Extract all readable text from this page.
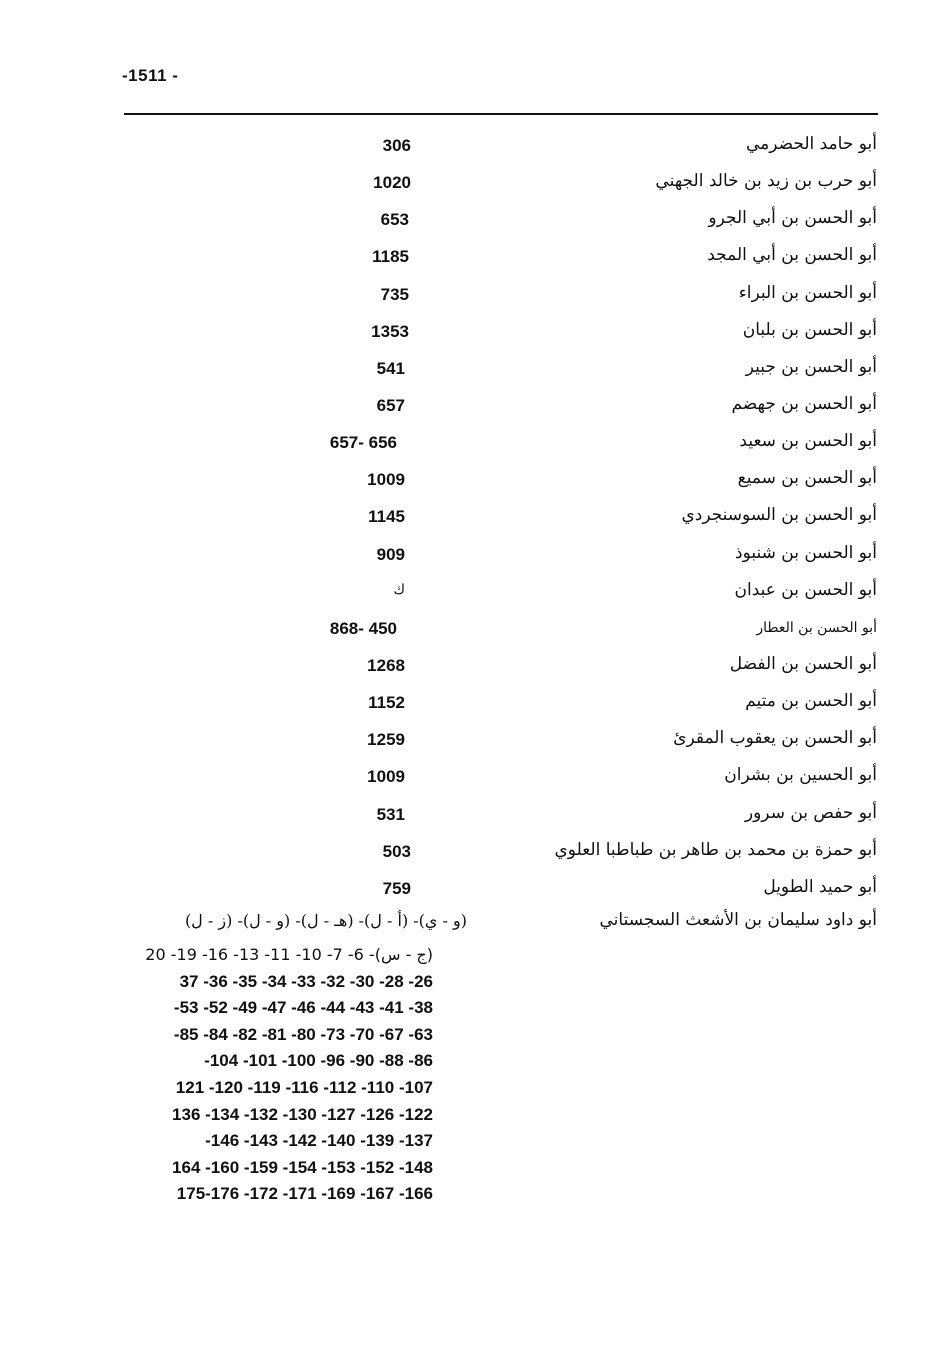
-1511 -
أبو حامد الحضرمي
306
أبو حرب بن زيد بن خالد الجهني
1020
أبو الحسن بن أبي الجرو
653
أبو الحسن بن أبي المجد
1185
أبو الحسن بن البراء
735
أبو الحسن بن بلبان
1353
أبو الحسن بن جبير
541
أبو الحسن بن جهضم
657
أبو الحسن بن سعيد
656 -657
أبو الحسن بن سميع
1009
أبو الحسن بن السوسنجردي
1145
أبو الحسن بن شنبوذ
909
أبو الحسن بن عبدان
ك
أبو الحسن بن العطار
450 -868
أبو الحسن بن الفضل
1268
أبو الحسن بن متيم
1152
أبو الحسن بن يعقوب المقرئ
1259
أبو الحسين بن بشران
1009
أبو حفص بن سرور
531
أبو حمزة بن محمد بن طاهر بن طباطبا العلوي
503
أبو حميد الطويل
759
أبو داود سليمان بن الأشعث السجستاني
(و - ي)- (أ - ل)- (هـ - ل)- (و - ل)- (ز - ل)
(ج - س)- 6- 7- 10- 11- 13- 16- 19- 20
26- 28- 30- 32- 33- 34- 35- 36- 37
38- 41- 43- 44- 46- 47- 49- 52- 53-
63- 67- 70- 73- 80- 81- 82- 84- 85-
86- 88- 90- 96- 100- 101- 104-
107- 110- 112- 116- 119- 120- 121
122- 126- 127- 130- 132- 134- 136
137- 139- 140- 142- 143- 146-
148- 152- 153- 154- 159- 160- 164
166- 167- 169- 171- 172- 175-176
